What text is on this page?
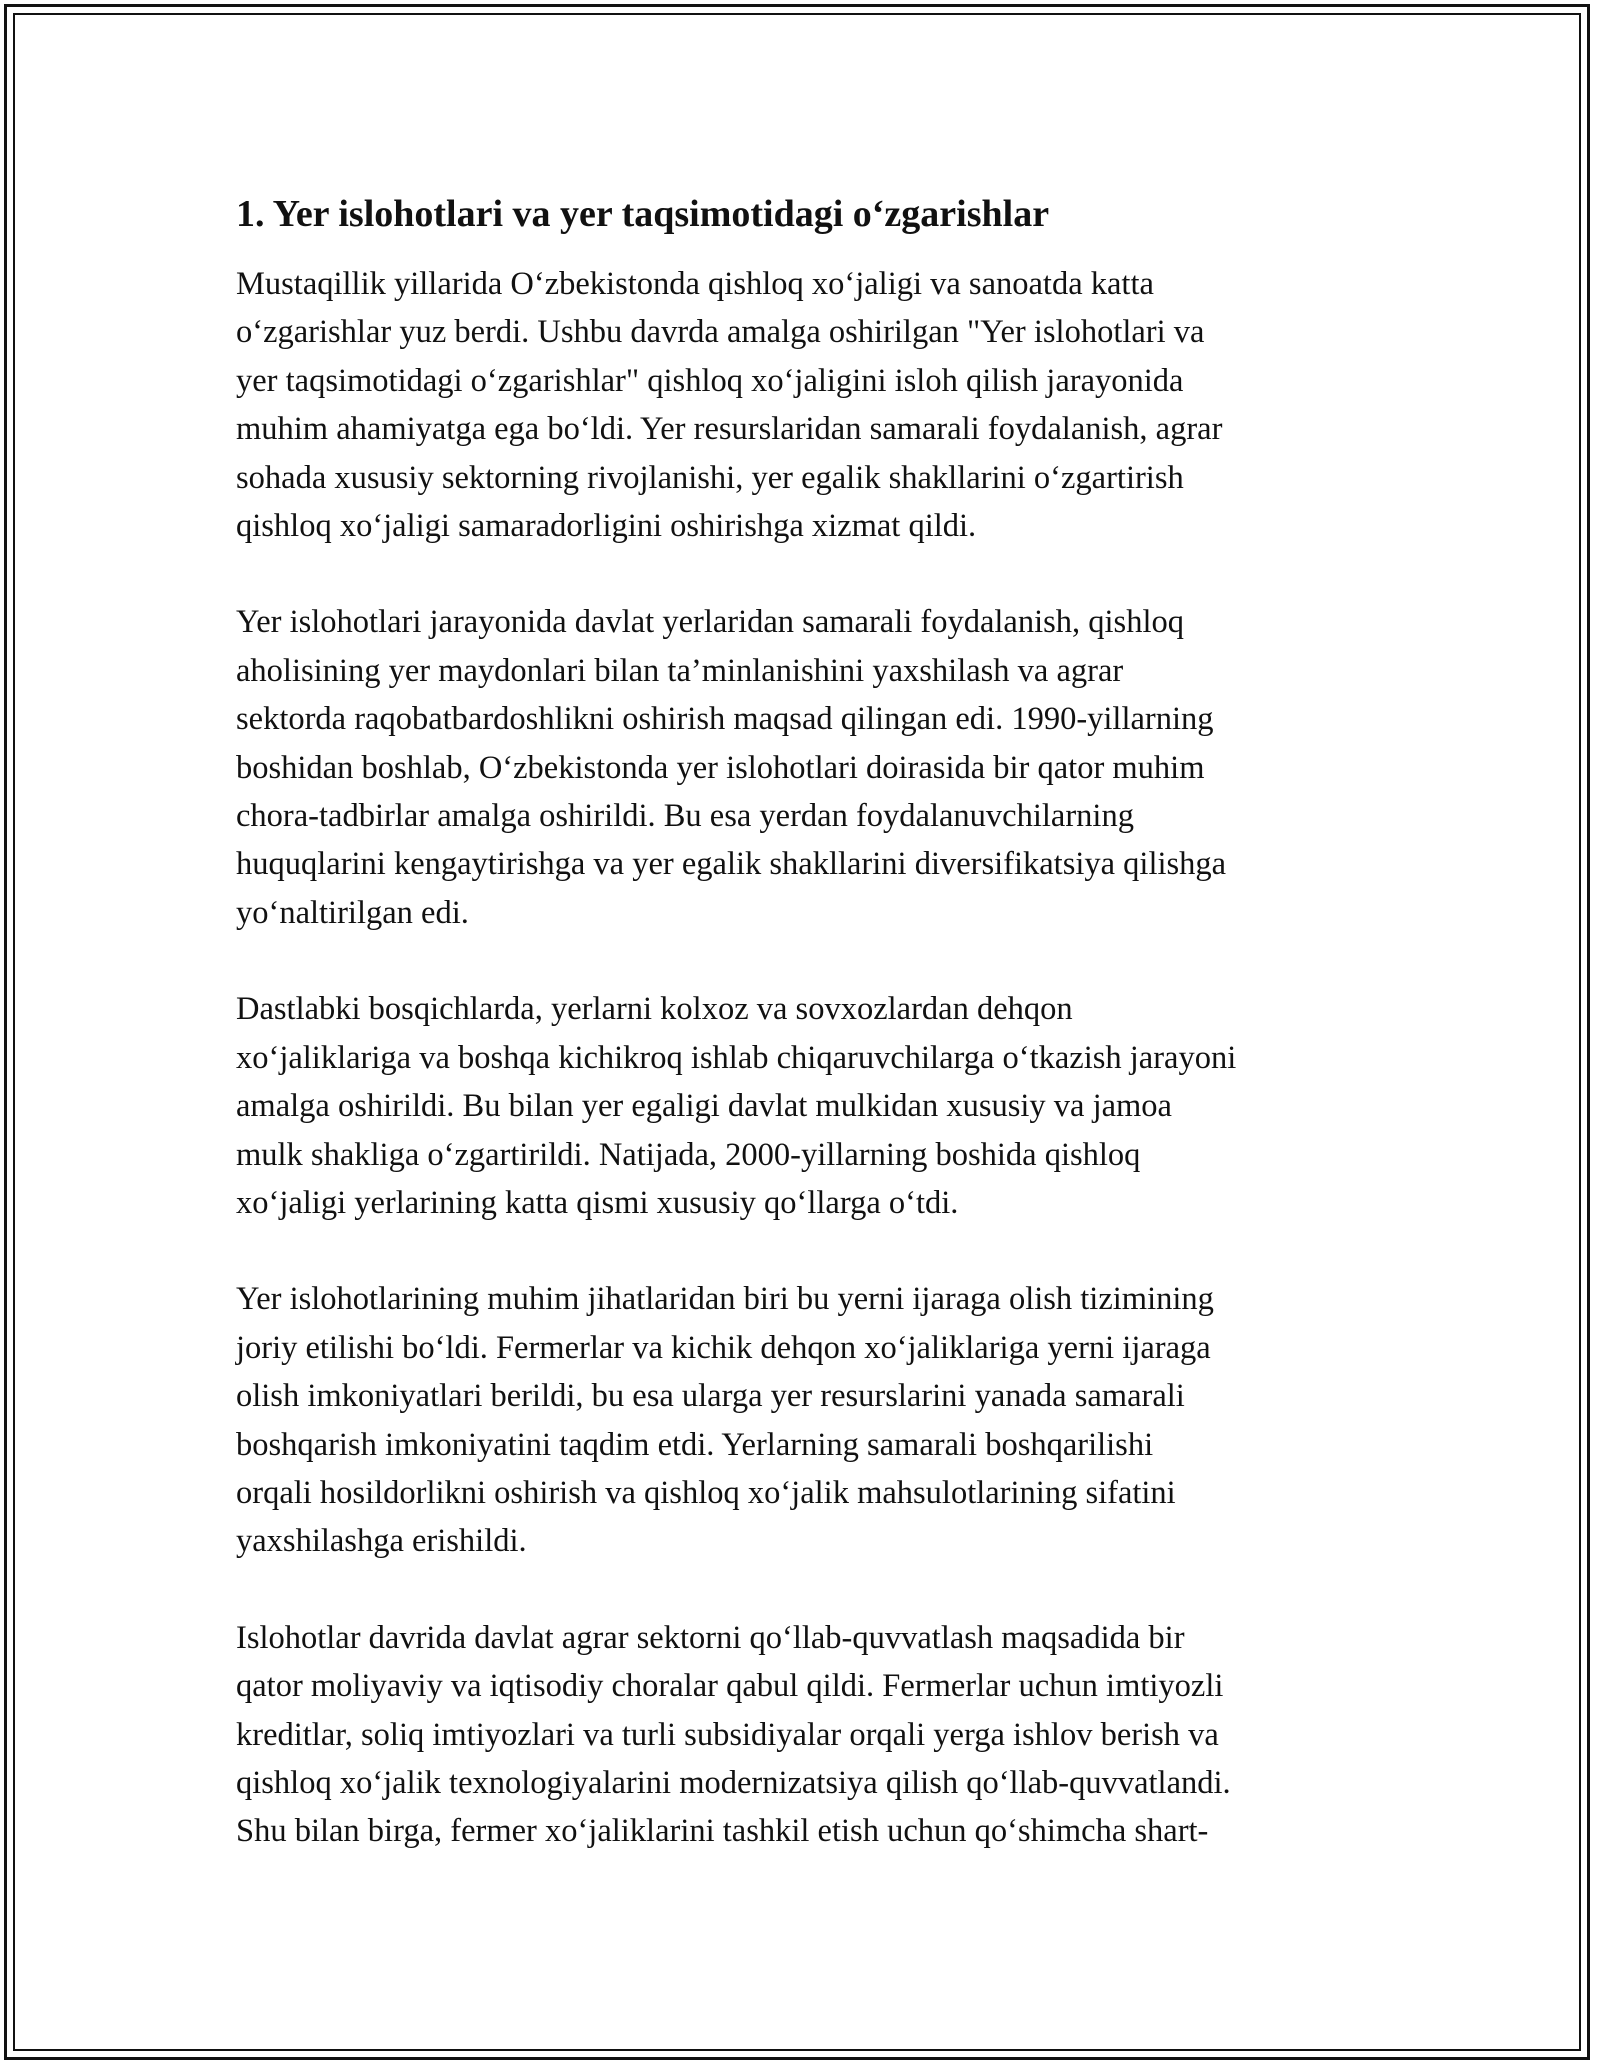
1. Yer islohotlari va yer taqsimotidagi o‘zgarishlar

Mustaqillik yillarida O‘zbekistonda qishloq xo‘jaligi va sanoatda katta
o‘zgarishlar yuz berdi. Ushbu davrda amalga oshirilgan "Yer islohotlari va
yer taqsimotidagi o‘zgarishlar" qishloq xo‘jaligini isloh qilish jarayonida
muhim ahamiyatga ega bo‘ldi. Yer resurslaridan samarali foydalanish, agrar
sohada xususiy sektorning rivojlanishi, yer egalik shakllarini o‘zgartirish
qishloq xo‘jaligi samaradorligini oshirishga xizmat qildi.

Yer islohotlari jarayonida davlat yerlaridan samarali foydalanish, qishloq
aholisining yer maydonlari bilan ta’minlanishini yaxshilash va agrar
sektorda raqobatbardoshlikni oshirish maqsad qilingan edi. 1990-yillarning
boshidan boshlab, O‘zbekistonda yer islohotlari doirasida bir qator muhim
chora-tadbirlar amalga oshirildi. Bu esa yerdan foydalanuvchilarning
huquqlarini kengaytirishga va yer egalik shakllarini diversifikatsiya qilishga
yo‘naltirilgan edi.

Dastlabki bosqichlarda, yerlarni kolxoz va sovxozlardan dehqon
xo‘jaliklariga va boshqa kichikroq ishlab chiqaruvchilarga o‘tkazish jarayoni
amalga oshirildi. Bu bilan yer egaligi davlat mulkidan xususiy va jamoa
mulk shakliga o‘zgartirildi. Natijada, 2000-yillarning boshida qishloq
xo‘jaligi yerlarining katta qismi xususiy qo‘llarga o‘tdi.

Yer islohotlarining muhim jihatlaridan biri bu yerni ijaraga olish tizimining
joriy etilishi bo‘ldi. Fermerlar va kichik dehqon xo‘jaliklariga yerni ijaraga
olish imkoniyatlari berildi, bu esa ularga yer resurslarini yanada samarali
boshqarish imkoniyatini taqdim etdi. Yerlarning samarali boshqarilishi
orqali hosildorlikni oshirish va qishloq xo‘jalik mahsulotlarining sifatini
yaxshilashga erishildi.

Islohotlar davrida davlat agrar sektorni qo‘llab-quvvatlash maqsadida bir
qator moliyaviy va iqtisodiy choralar qabul qildi. Fermerlar uchun imtiyozli
kreditlar, soliq imtiyozlari va turli subsidiyalar orqali yerga ishlov berish va
qishloq xo‘jalik texnologiyalarini modernizatsiya qilish qo‘llab-quvvatlandi.
Shu bilan birga, fermer xo‘jaliklarini tashkil etish uchun qo‘shimcha shart-
